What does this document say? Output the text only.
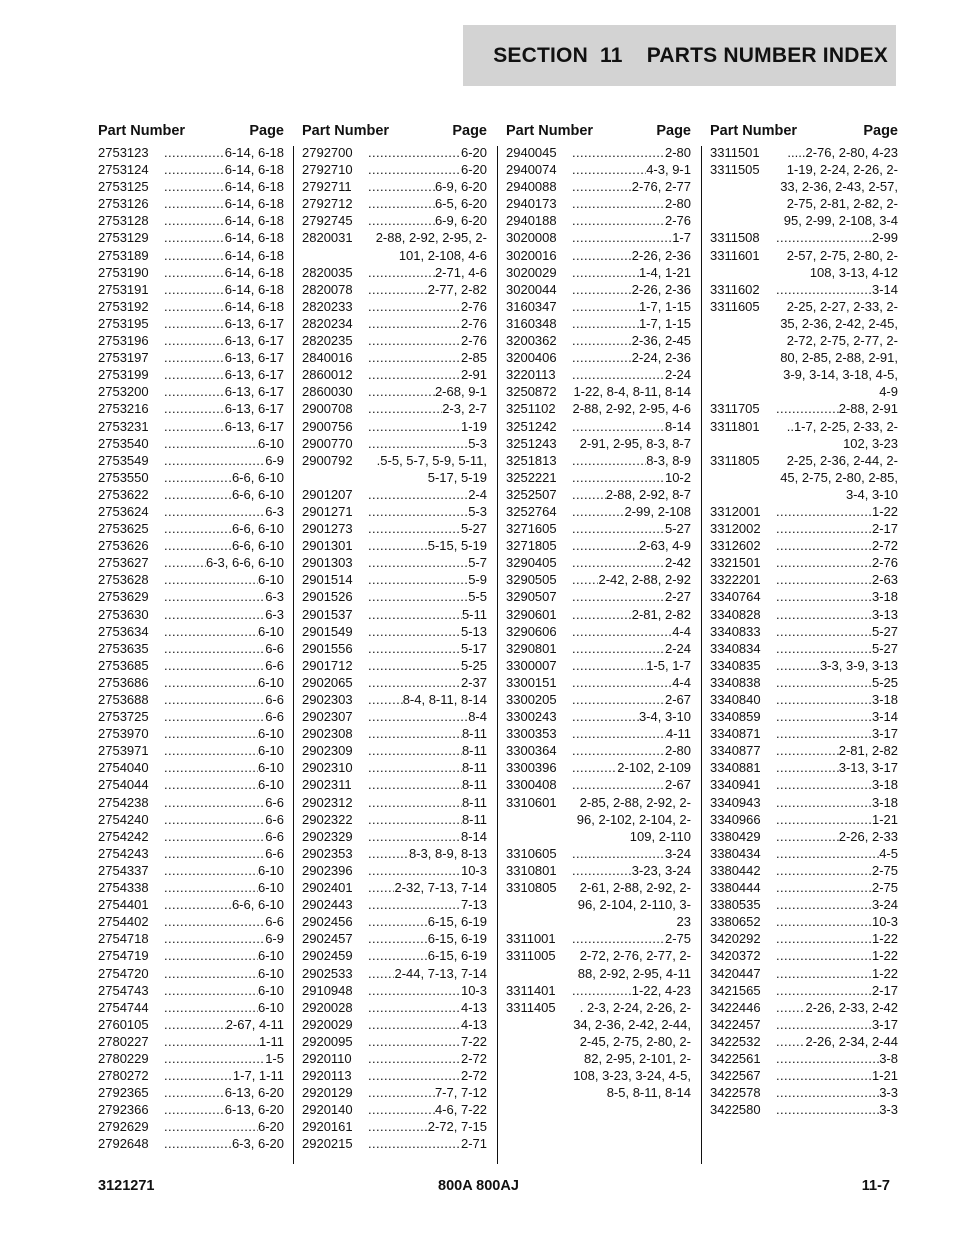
SECTION  11    PARTS NUMBER INDEX
Part Number	Page
2753123 .....	6-14, 6-18
2753124 .....	6-14, 6-18
2753125 .....	6-14, 6-18
2753126 .....	6-14, 6-18
2753128 .....	6-14, 6-18
2753129 .....	6-14, 6-18
2753189 .....	6-14, 6-18
2753190 .....	6-14, 6-18
2753191 .....	6-14, 6-18
2753192 .....	6-14, 6-18
2753195 .....	6-13, 6-17
2753196 .....	6-13, 6-17
2753197 .....	6-13, 6-17
2753199 .....	6-13, 6-17
2753200 .....	6-13, 6-17
2753216 .....	6-13, 6-17
2753231 .....	6-13, 6-17
2753540 .....	6-10
2753549 .....	6-9
2753550 .....	6-6, 6-10
2753622 .....	6-6, 6-10
2753624 .....	6-3
2753625 .....	6-6, 6-10
2753626 .....	6-6, 6-10
2753627 .....	6-3, 6-6, 6-10
2753628 .....	6-10
2753629 .....	6-3
2753630 .....	6-3
2753634 .....	6-10
2753635 .....	6-6
2753685 .....	6-6
2753686 .....	6-10
2753688 .....	6-6
2753725 .....	6-6
2753970 .....	6-10
2753971 .....	6-10
2754040 .....	6-10
2754044 .....	6-10
2754238 .....	6-6
2754240 .....	6-6
2754242 .....	6-6
2754243 .....	6-6
2754337 .....	6-10
2754338 .....	6-10
2754401 .....	6-6, 6-10
2754402 .....	6-6
2754718 .....	6-9
2754719 .....	6-10
2754720 .....	6-10
2754743 .....	6-10
2754744 .....	6-10
2760105 .....	2-67, 4-11
2780227 .....	1-11
2780229 .....	1-5
2780272 .....	1-7, 1-11
2792365 .....	6-13, 6-20
2792366 .....	6-13, 6-20
2792629 .....	6-20
2792648 .....	6-3, 6-20
Part Number	Page
2792700 .....	6-20
2792710 .....	6-20
2792711 .....	6-9, 6-20
2792712 .....	6-5, 6-20
2792745 .....	6-9, 6-20
2820031	2-88, 2-92, 2-95, 2-101, 2-108, 4-6
2820035 .....	2-71, 4-6
2820078 .....	2-77, 2-82
2820233 .....	2-76
2820234 .....	2-76
2820235 .....	2-76
2840016 .....	2-85
2860012 .....	2-91
2860030 .....	2-68, 9-1
2900708 .....	2-3, 2-7
2900756 .....	1-19
2900770 .....	5-3
2900792	.5-5, 5-7, 5-9, 5-11, 5-17, 5-19
2901207 .....	2-4
2901271 .....	5-3
2901273 .....	5-27
2901301 .....	5-15, 5-19
2901303 .....	5-7
2901514 .....	5-9
2901526 .....	5-5
2901537 .....	5-11
2901549 .....	5-13
2901556 .....	5-17
2901712 .....	5-25
2902065 .....	2-37
2902303 .....	8-4, 8-11, 8-14
2902307 .....	8-4
2902308 .....	8-11
2902309 .....	8-11
2902310 .....	8-11
2902311 .....	8-11
2902312 .....	8-11
2902322 .....	8-11
2902329 .....	8-14
2902353 .....	8-3, 8-9, 8-13
2902396 .....	10-3
2902401 .....	2-32, 7-13, 7-14
2902443 .....	7-13
2902456 .....	6-15, 6-19
2902457 .....	6-15, 6-19
2902459 .....	6-15, 6-19
2902533 .....	2-44, 7-13, 7-14
2910948 .....	10-3
2920028 .....	4-13
2920029 .....	4-13
2920095 .....	7-22
2920110 .....	2-72
2920113 .....	2-72
2920129 .....	7-7, 7-12
2920140 .....	4-6, 7-22
2920161 .....	2-72, 7-15
2920215 .....	2-71
Part Number	Page
2940045 .....	2-80
2940074 .....	4-3, 9-1
2940088 .....	2-76, 2-77
2940173 .....	2-80
2940188 .....	2-76
3020008 .....	1-7
3020016 .....	2-26, 2-36
3020029 .....	1-4, 1-21
3020044 .....	2-26, 2-36
3160347 .....	1-7, 1-15
3160348 .....	1-7, 1-15
3200362 .....	2-36, 2-45
3200406 .....	2-24, 2-36
3220113 .....	2-24
3250872	1-22, 8-4, 8-11, 8-14
3251102	2-88, 2-92, 2-95, 4-6
3251242 .....	8-14
3251243	2-91, 2-95, 8-3, 8-7
3251813 .....	8-3, 8-9
3252221 .....	10-2
3252507 .....	2-88, 2-92, 8-7
3252764 .....	2-99, 2-108
3271605 .....	5-27
3271805 .....	2-63, 4-9
3290405 .....	2-42
3290505 .....	2-42, 2-88, 2-92
3290507 .....	2-27
3290601 .....	2-81, 2-82
3290606 .....	4-4
3290801 .....	2-24
3300007 .....	1-5, 1-7
3300151 .....	4-4
3300205 .....	2-67
3300243 .....	3-4, 3-10
3300353 .....	4-11
3300364 .....	2-80
3300396 .....	2-102, 2-109
3300408 .....	2-67
3310601	2-85, 2-88, 2-92, 2-96, 2-102, 2-104, 2-109, 2-110
3310605 .....	3-24
3310801 .....	3-23, 3-24
3310805	2-61, 2-88, 2-92, 2-96, 2-104, 2-110, 3-23
3311001 .....	2-75
3311005	2-72, 2-76, 2-77, 2-88, 2-92, 2-95, 4-11
3311401 .....	1-22, 4-23
3311405	. 2-3, 2-24, 2-26, 2-34, 2-36, 2-42, 2-44, 2-45, 2-75, 2-80, 2-82, 2-95, 2-101, 2-108, 3-23, 3-24, 4-5, 8-5, 8-11, 8-14
Part Number	Page
3311501	.....2-76, 2-80, 4-23
3311505	1-19, 2-24, 2-26, 2-33, 2-36, 2-43, 2-57, 2-75, 2-81, 2-82, 2-95, 2-99, 2-108, 3-4
3311508 .....	2-99
3311601	2-57, 2-75, 2-80, 2-108, 3-13, 4-12
3311602 .....	3-14
3311605	2-25, 2-27, 2-33, 2-35, 2-36, 2-42, 2-45, 2-72, 2-75, 2-77, 2-80, 2-85, 2-88, 2-91, 3-9, 3-14, 3-18, 4-5, 4-9
3311705 .....	2-88, 2-91
3311801	..1-7, 2-25, 2-33, 2-102, 3-23
3311805	2-25, 2-36, 2-44, 2-45, 2-75, 2-80, 2-85, 3-4, 3-10
3312001 .....	1-22
3312002 .....	2-17
3312602 .....	2-72
3321501 .....	2-76
3322201 .....	2-63
3340764 .....	3-18
3340828 .....	3-13
3340833 .....	5-27
3340834 .....	5-27
3340835 .....	3-3, 3-9, 3-13
3340838 .....	5-25
3340840 .....	3-18
3340859 .....	3-14
3340871 .....	3-17
3340877 .....	2-81, 2-82
3340881 .....	3-13, 3-17
3340941 .....	3-18
3340943 .....	3-18
3340966 .....	1-21
3380429 .....	2-26, 2-33
3380434 .....	4-5
3380442 .....	2-75
3380444 .....	2-75
3380535 .....	3-24
3380652 .....	10-3
3420292 .....	1-22
3420372 .....	1-22
3420447 .....	1-22
3421565 .....	2-17
3422446 .....	2-26, 2-33, 2-42
3422457 .....	3-17
3422532 .....	2-26, 2-34, 2-44
3422561 .....	3-8
3422567 .....	1-21
3422578 .....	3-3
3422580 .....	3-3
3121271	800A 800AJ	11-7
